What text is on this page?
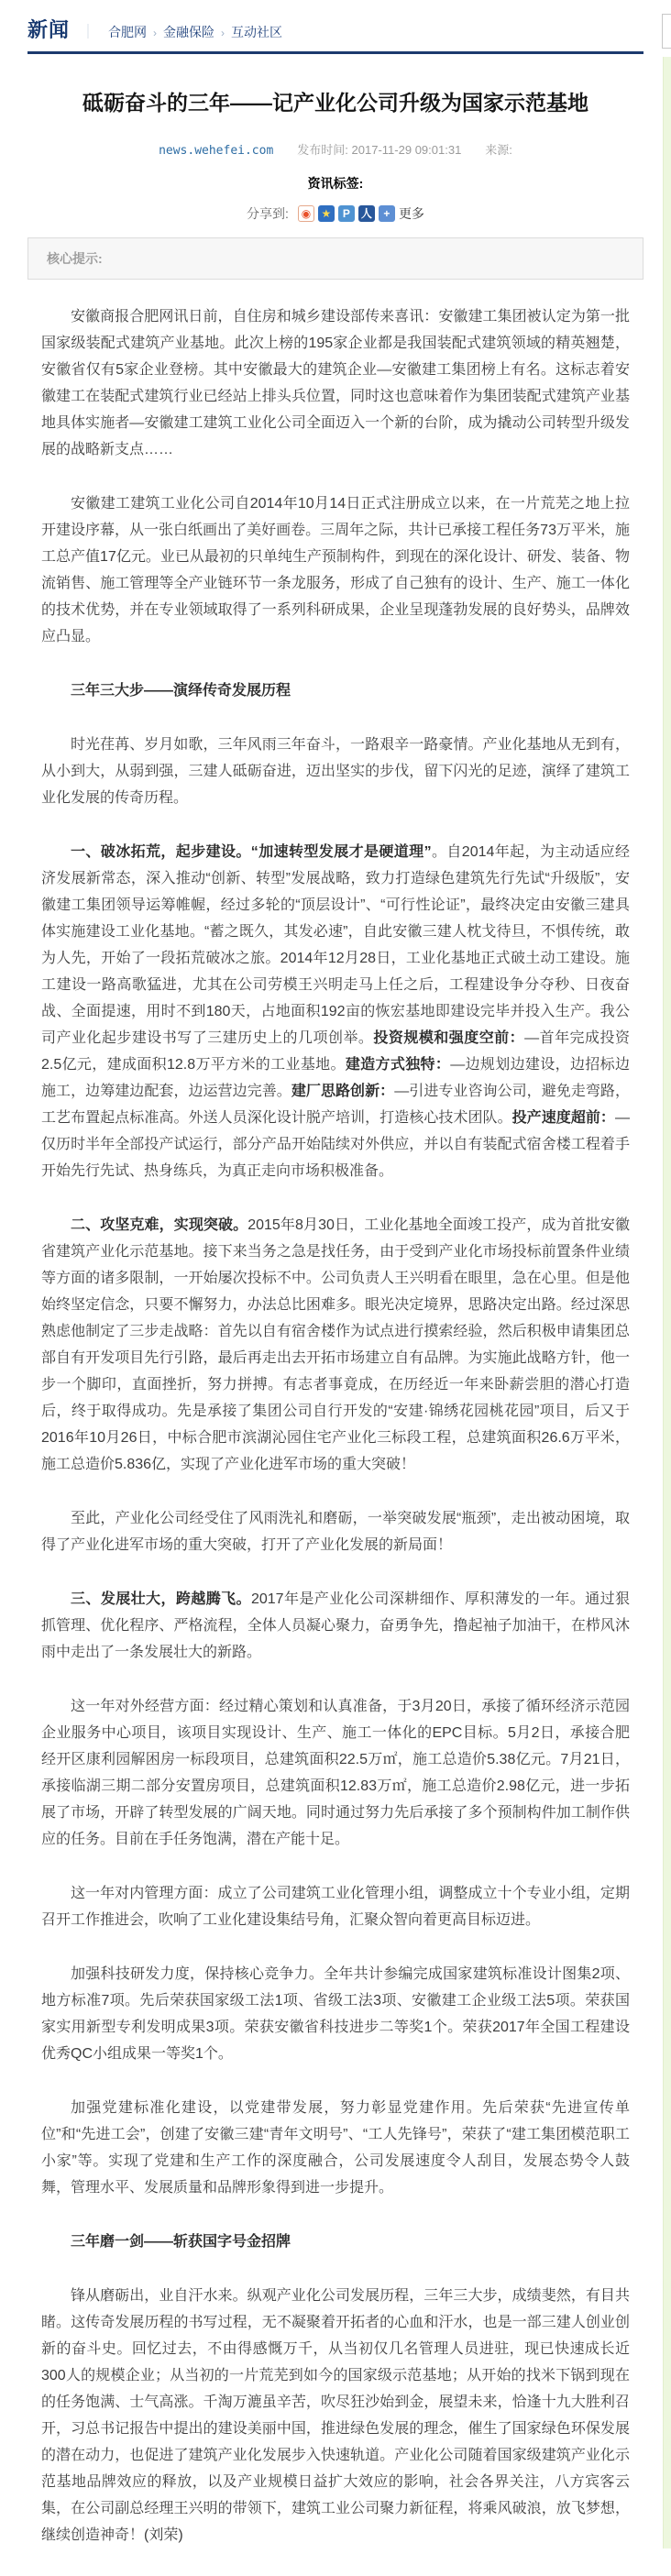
新闻 ｜ 合肥网 › 金融保险 › 互动社区
砥砺奋斗的三年——记产业化公司升级为国家示范基地
news.wehefei.com 发布时间: 2017-11-29 09:01:31 来源:
资讯标签:
分享到:	◉ ★ P 人 + 更多
核心提示:

安徽商报合肥网讯日前，自住房和城乡建设部传来喜讯：安徽建工集团被认定为第一批国家级装配式建筑产业基地。此次上榜的195家企业都是我国装配式建筑领域的精英翘楚，安徽省仅有5家企业登榜。其中安徽最大的建筑企业—安徽建工集团榜上有名。这标志着安徽建工在装配式建筑行业已经站上排头兵位置，同时这也意味着作为集团装配式建筑产业基地具体实施者—安徽建工建筑工业化公司全面迈入一个新的台阶，成为撬动公司转型升级发展的战略新支点……

安徽建工建筑工业化公司自2014年10月14日正式注册成立以来，在一片荒芜之地上拉开建设序幕，从一张白纸画出了美好画卷。三周年之际，共计已承接工程任务73万平米，施工总产值17亿元。业已从最初的只单纯生产预制构件，到现在的深化设计、研发、装备、物流销售、施工管理等全产业链环节一条龙服务，形成了自己独有的设计、生产、施工一体化的技术优势，并在专业领域取得了一系列科研成果，企业呈现蓬勃发展的良好势头，品牌效应凸显。

三年三大步——演绎传奇发展历程

时光荏苒、岁月如歌，三年风雨三年奋斗，一路艰辛一路豪情。产业化基地从无到有，从小到大，从弱到强，三建人砥砺奋进，迈出坚实的步伐，留下闪光的足迹，演绎了建筑工业化发展的传奇历程。

一、破冰拓荒，起步建设。“加速转型发展才是硬道理”。自2014年起，为主动适应经济发展新常态，深入推动“创新、转型”发展战略，致力打造绿色建筑先行先试“升级版”，安徽建工集团领导运筹帷幄，经过多轮的“顶层设计”、“可行性论证”，最终决定由安徽三建具体实施建设工业化基地。“蓄之既久，其发必速”，自此安徽三建人枕戈待旦，不惧传统，敢为人先，开始了一段拓荒破冰之旅。2014年12月28日，工业化基地正式破土动工建设。施工建设一路高歌猛进，尤其在公司劳模王兴明走马上任之后，工程建设争分夺秒、日夜奋战、全面提速，用时不到180天，占地面积192亩的恢宏基地即建设完毕并投入生产。我公司产业化起步建设书写了三建历史上的几项创举。投资规模和强度空前：—首年完成投资2.5亿元，建成面积12.8万平方米的工业基地。建造方式独特：—边规划边建设，边招标边施工，边筹建边配套，边运营边完善。建厂思路创新：—引进专业咨询公司，避免走弯路，工艺布置起点标准高。外送人员深化设计脱产培训，打造核心技术团队。投产速度超前：—仅历时半年全部投产试运行，部分产品开始陆续对外供应，并以自有装配式宿舍楼工程着手开始先行先试、热身练兵，为真正走向市场积极准备。

二、攻坚克难，实现突破。2015年8月30日，工业化基地全面竣工投产，成为首批安徽省建筑产业化示范基地。接下来当务之急是找任务，由于受到产业化市场投标前置条件业绩等方面的诸多限制，一开始屡次投标不中。公司负责人王兴明看在眼里，急在心里。但是他始终坚定信念，只要不懈努力，办法总比困难多。眼光决定境界，思路决定出路。经过深思熟虑他制定了三步走战略：首先以自有宿舍楼作为试点进行摸索经验，然后积极申请集团总部自有开发项目先行引路，最后再走出去开拓市场建立自有品牌。为实施此战略方针，他一步一个脚印，直面挫折，努力拼搏。有志者事竟成，在历经近一年来卧薪尝胆的潜心打造后，终于取得成功。先是承接了集团公司自行开发的“安建·锦绣花园桃花园”项目，后又于2016年10月26日，中标合肥市滨湖沁园住宅产业化三标段工程，总建筑面积26.6万平米，施工总造价5.836亿，实现了产业化进军市场的重大突破！

至此，产业化公司经受住了风雨洗礼和磨砺，一举突破发展“瓶颈”，走出被动困境，取得了产业化进军市场的重大突破，打开了产业化发展的新局面！

三、发展壮大，跨越腾飞。2017年是产业化公司深耕细作、厚积薄发的一年。通过狠抓管理、优化程序、严格流程，全体人员凝心聚力，奋勇争先，撸起袖子加油干，在栉风沐雨中走出了一条发展壮大的新路。

这一年对外经营方面：经过精心策划和认真准备，于3月20日，承接了循环经济示范园企业服务中心项目，该项目实现设计、生产、施工一体化的EPC目标。5月2日，承接合肥经开区康利园解困房一标段项目，总建筑面积22.5万㎡，施工总造价5.38亿元。7月21日，承接临湖三期二部分安置房项目，总建筑面积12.83万㎡，施工总造价2.98亿元，进一步拓展了市场，开辟了转型发展的广阔天地。同时通过努力先后承接了多个预制构件加工制作供应的任务。目前在手任务饱满，潜在产能十足。

这一年对内管理方面：成立了公司建筑工业化管理小组，调整成立十个专业小组，定期召开工作推进会，吹响了工业化建设集结号角，汇聚众智向着更高目标迈进。

加强科技研发力度，保持核心竞争力。全年共计参编完成国家建筑标准设计图集2项、地方标准7项。先后荣获国家级工法1项、省级工法3项、安徽建工企业级工法5项。荣获国家实用新型专利发明成果3项。荣获安徽省科技进步二等奖1个。荣获2017年全国工程建设优秀QC小组成果一等奖1个。

加强党建标准化建设，以党建带发展，努力彰显党建作用。先后荣获“先进宣传单位”和“先进工会”，创建了安徽三建“青年文明号”、“工人先锋号”，荣获了“建工集团模范职工小家”等。实现了党建和生产工作的深度融合，公司发展速度令人刮目，发展态势令人鼓舞，管理水平、发展质量和品牌形象得到进一步提升。

三年磨一剑——斩获国字号金招牌

锋从磨砺出，业自汗水来。纵观产业化公司发展历程，三年三大步，成绩斐然，有目共睹。这传奇发展历程的书写过程，无不凝聚着开拓者的心血和汗水，也是一部三建人创业创新的奋斗史。回忆过去，不由得感慨万千，从当初仅几名管理人员进驻，现已快速成长近300人的规模企业；从当初的一片荒芜到如今的国家级示范基地；从开始的找米下锅到现在的任务饱满、士气高涨。千淘万漉虽辛苦，吹尽狂沙始到金，展望未来，恰逢十九大胜利召开，习总书记报告中提出的建设美丽中国，推进绿色发展的理念，催生了国家绿色环保发展的潜在动力，也促进了建筑产业化发展步入快速轨道。产业化公司随着国家级建筑产业化示范基地品牌效应的释放，以及产业规模日益扩大效应的影响，社会各界关注，八方宾客云集，在公司副总经理王兴明的带领下，建筑工业公司聚力新征程，将乘风破浪，放飞梦想，继续创造神奇！(刘荣)
